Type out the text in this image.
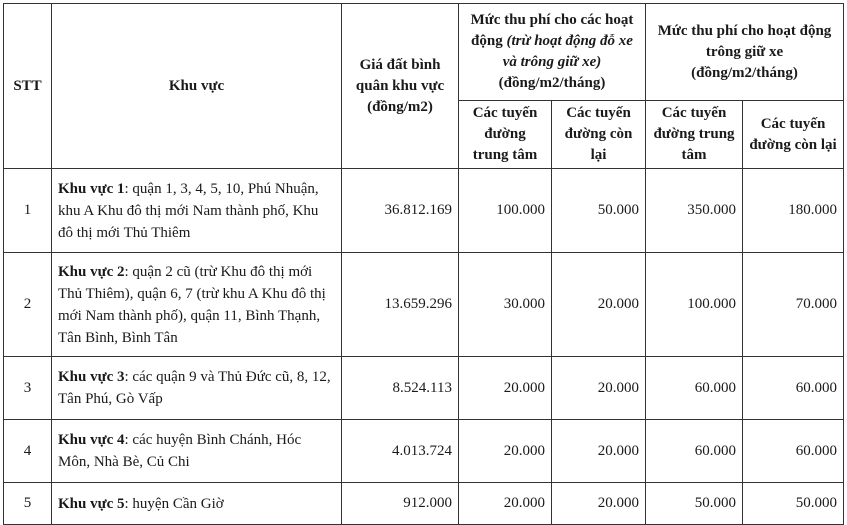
STT	Khu vực	Giá đất bình quân khu vực (đồng/m2)	Mức thu phí cho các hoạt động (trừ hoạt động đỗ xe và trông giữ xe) (đồng/m2/tháng)		Mức thu phí cho hoạt động trông giữ xe (đồng/m2/tháng)	
			Các tuyến đường trung tâm	Các tuyến đường còn lại	Các tuyến đường trung tâm	Các tuyến đường còn lại
1	Khu vực 1: quận 1, 3, 4, 5, 10, Phú Nhuận, khu A Khu đô thị mới Nam thành phố, Khu đô thị mới Thủ Thiêm	36.812.169	100.000	50.000	350.000	180.000
2	Khu vực 2: quận 2 cũ (trừ Khu đô thị mới Thủ Thiêm), quận 6, 7 (trừ khu A Khu đô thị mới Nam thành phố), quận 11, Bình Thạnh, Tân Bình, Bình Tân	13.659.296	30.000	20.000	100.000	70.000
3	Khu vực 3: các quận 9 và Thủ Đức cũ, 8, 12, Tân Phú, Gò Vấp	8.524.113	20.000	20.000	60.000	60.000
4	Khu vực 4: các huyện Bình Chánh, Hóc Môn, Nhà Bè, Củ Chi	4.013.724	20.000	20.000	60.000	60.000
5	Khu vực 5: huyện Cần Giờ	912.000	20.000	20.000	50.000	50.000
